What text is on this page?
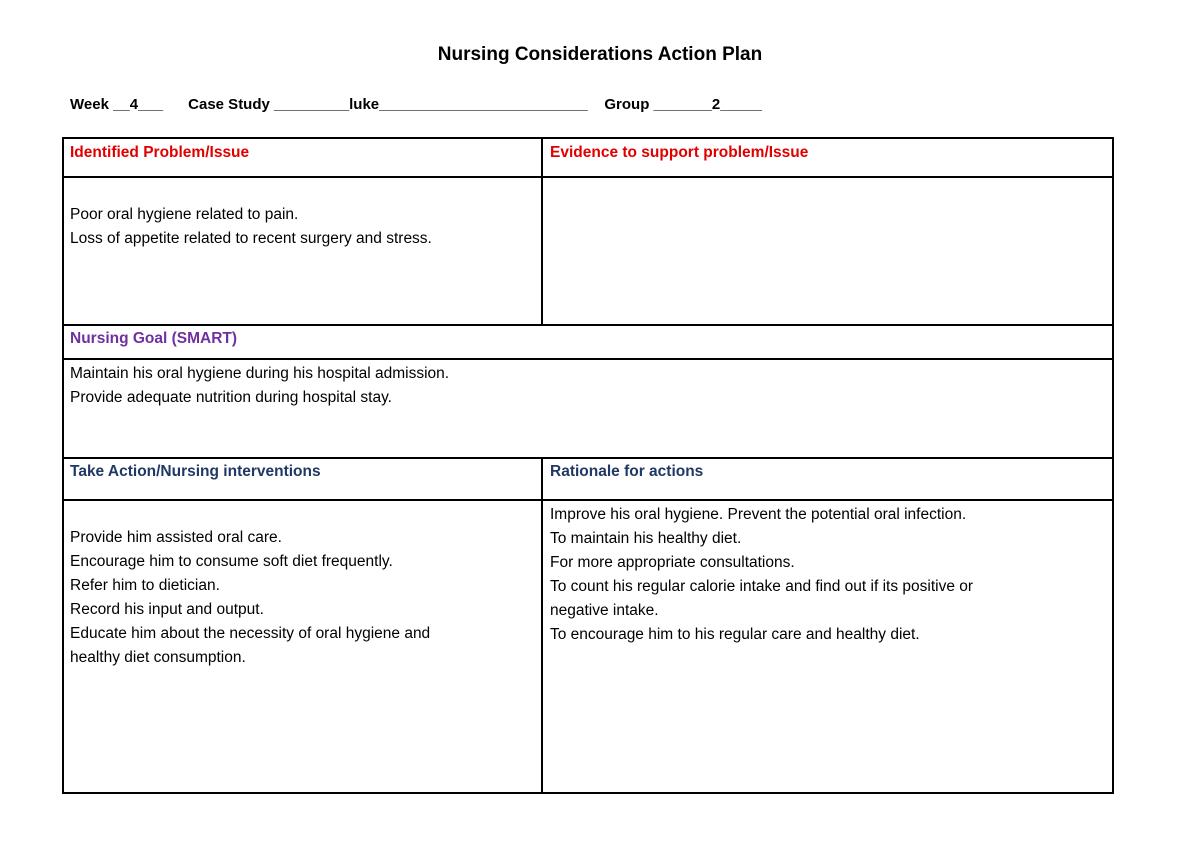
Nursing Considerations Action Plan
Week __4___ Case Study _________luke_________________________ Group _______2_____
Identified Problem/Issue	Evidence to support problem/Issue
Poor oral hygiene related to pain.
Loss of appetite related to recent surgery and stress.
Nursing Goal (SMART)
Maintain his oral hygiene during his hospital admission.
Provide adequate nutrition during hospital stay.
Take Action/Nursing interventions	Rationale for actions
Provide him assisted oral care.
Encourage him to consume soft diet frequently.
Refer him to dietician.
Record his input and output.
Educate him about the necessity of oral hygiene and
healthy diet consumption.
Improve his oral hygiene. Prevent the potential oral infection.
To maintain his healthy diet.
For more appropriate consultations.
To count his regular calorie intake and find out if its positive or
negative intake.
To encourage him to his regular care and healthy diet.
